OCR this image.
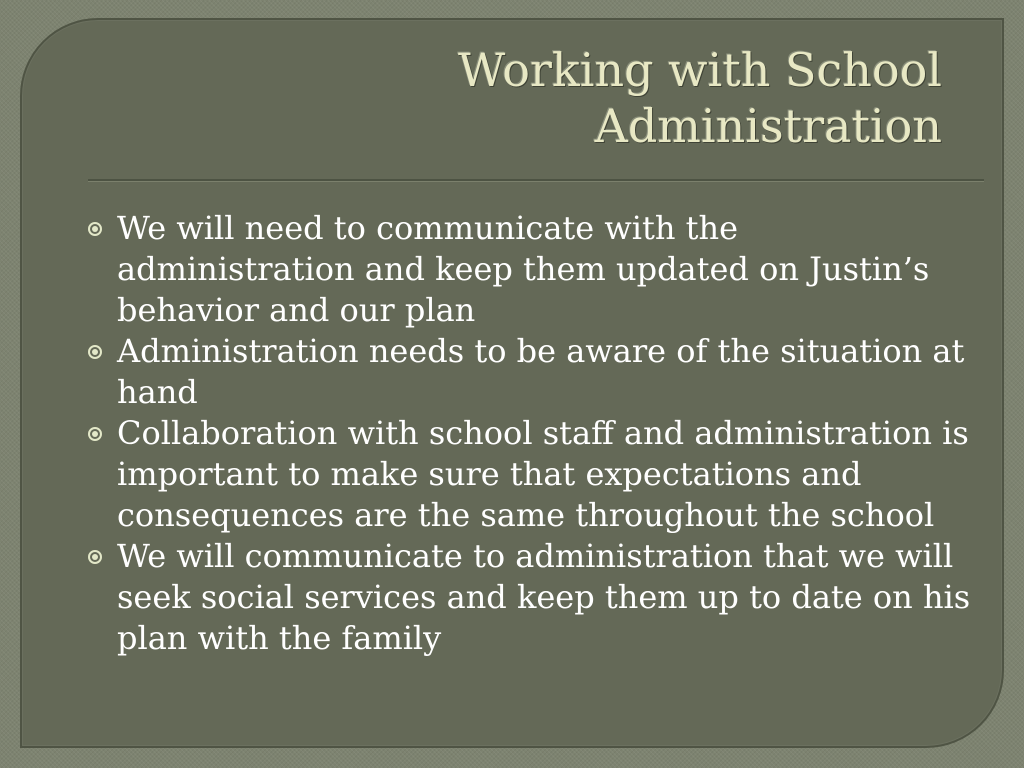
Working with School
Administration
We will need to communicate with the administration and keep them updated on Justin’s behavior and our plan
Administration needs to be aware of the situation at hand
Collaboration with school staff and administration is important to make sure that expectations and consequences are the same throughout the school
We will communicate to administration that we will seek social services and keep them up to date on his plan with the family
